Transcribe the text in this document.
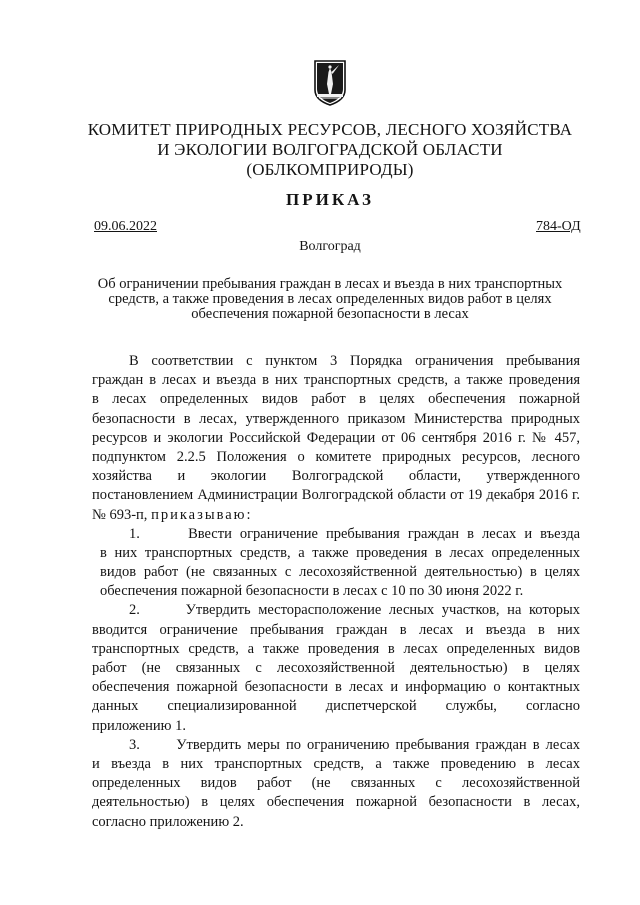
КОМИТЕТ ПРИРОДНЫХ РЕСУРСОВ, ЛЕСНОГО ХОЗЯЙСТВА
И ЭКОЛОГИИ ВОЛГОГРАДСКОЙ ОБЛАСТИ
(ОБЛКОМПРИРОДЫ)
ПРИКАЗ
09.06.2022	784-ОД
Волгоград
Об ограничении пребывания граждан в лесах и въезда в них транспортных
средств, а также проведения в лесах определенных видов работ в целях
обеспечения пожарной безопасности в лесах
В соответствии с пунктом 3 Порядка ограничения пребывания
граждан в лесах и въезда в них транспортных средств, а также проведения
в лесах определенных видов работ в целях обеспечения пожарной
безопасности в лесах, утвержденного приказом Министерства природных
ресурсов и экологии Российской Федерации от 06 сентября 2016 г. № 457,
подпунктом 2.2.5 Положения о комитете природных ресурсов, лесного
хозяйства и экологии Волгоградской области, утвержденного
постановлением Администрации Волгоградской области от 19 декабря 2016 г.
№ 693-п, приказываю:
1.	Ввести ограничение пребывания граждан в лесах и въезда
в них транспортных средств, а также проведения в лесах определенных
видов работ (не связанных с лесохозяйственной деятельностью) в целях
обеспечения пожарной безопасности в лесах с 10 по 30 июня 2022 г.
2.	Утвердить месторасположение лесных участков, на которых
вводится ограничение пребывания граждан в лесах и въезда в них
транспортных средств, а также проведения в лесах определенных видов
работ (не связанных с лесохозяйственной деятельностью) в целях
обеспечения пожарной безопасности в лесах и информацию о контактных
данных специализированной диспетчерской службы, согласно
приложению 1.
3.	Утвердить меры по ограничению пребывания граждан в лесах
и въезда в них транспортных средств, а также проведению в лесах
определенных видов работ (не связанных с лесохозяйственной
деятельностью) в целях обеспечения пожарной безопасности в лесах,
согласно приложению 2.
